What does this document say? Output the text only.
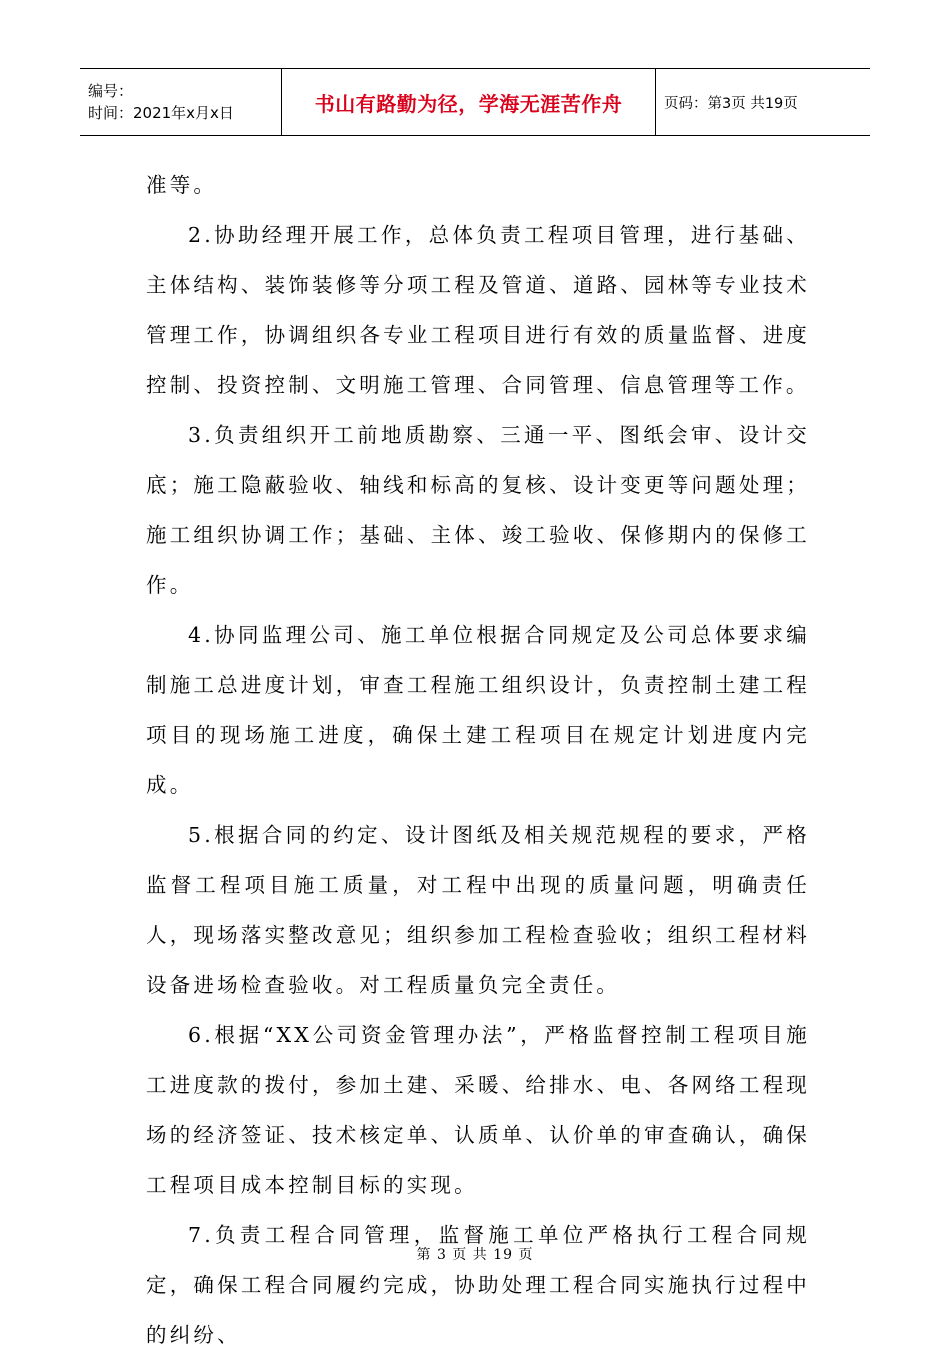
编号：
时间：2021年x月x日	书山有路勤为径，学海无涯苦作舟	页码：第3页 共19页

准等。

2.协助经理开展工作，总体负责工程项目管理，进行基础、主体结构、装饰装修等分项工程及管道、道路、园林等专业技术管理工作，协调组织各专业工程项目进行有效的质量监督、进度控制、投资控制、文明施工管理、合同管理、信息管理等工作。

3.负责组织开工前地质勘察、三通一平、图纸会审、设计交底；施工隐蔽验收、轴线和标高的复核、设计变更等问题处理；施工组织协调工作；基础、主体、竣工验收、保修期内的保修工作。

4.协同监理公司、施工单位根据合同规定及公司总体要求编制施工总进度计划，审查工程施工组织设计，负责控制土建工程项目的现场施工进度，确保土建工程项目在规定计划进度内完成。

5.根据合同的约定、设计图纸及相关规范规程的要求，严格监督工程项目施工质量，对工程中出现的质量问题，明确责任人，现场落实整改意见；组织参加工程检查验收；组织工程材料设备进场检查验收。对工程质量负完全责任。

6.根据“XX公司资金管理办法”，严格监督控制工程项目施工进度款的拨付，参加土建、采暖、给排水、电、各网络工程现场的经济签证、技术核定单、认质单、认价单的审查确认，确保工程项目成本控制目标的实现。

7.负责工程合同管理，监督施工单位严格执行工程合同规定，确保工程合同履约完成，协助处理工程合同实施执行过程中的纠纷、

第 3 页 共 19 页
